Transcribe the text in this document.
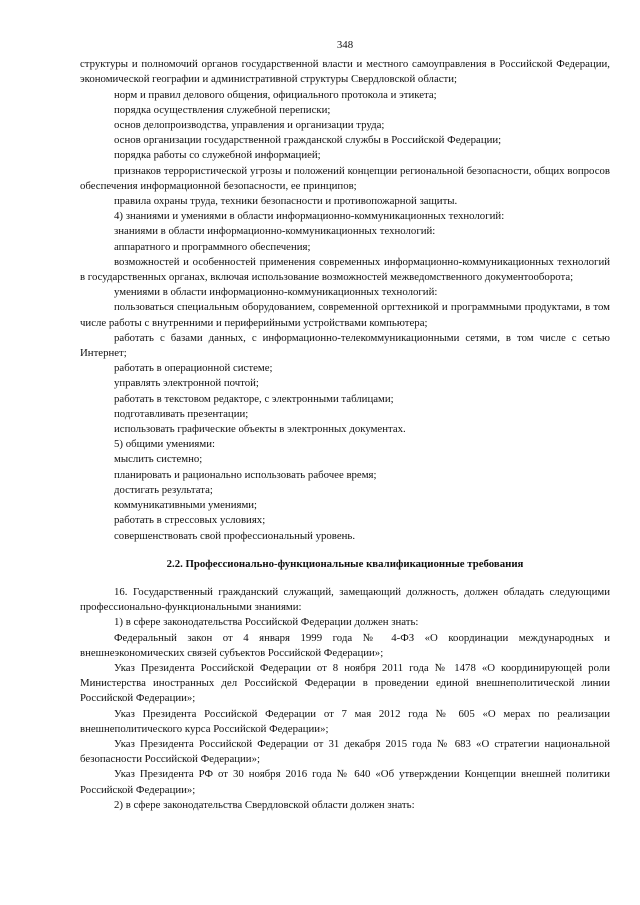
348

структуры и полномочий органов государственной власти и местного самоуправления в Российской Федерации, экономической географии и административной структуры Свердловской области;

норм и правил делового общения, официального протокола и этикета;

порядка осуществления служебной переписки;

основ делопроизводства, управления и организации труда;

основ организации государственной гражданской службы в Российской Федерации;

порядка работы со служебной информацией;

признаков террористической угрозы и положений концепции региональной безопасности, общих вопросов обеспечения информационной безопасности, ее принципов;

правила охраны труда, техники безопасности и противопожарной защиты.

4) знаниями и умениями в области информационно-коммуникационных технологий:

знаниями в области информационно-коммуникационных технологий:

аппаратного и программного обеспечения;

возможностей и особенностей применения современных информационно-коммуникационных технологий в государственных органах, включая использование возможностей межведомственного документооборота;

умениями в области информационно-коммуникационных технологий:

пользоваться специальным оборудованием, современной оргтехникой и программными продуктами, в том числе работы с внутренними и периферийными устройствами компьютера;

работать с базами данных, с информационно-телекоммуникационными сетями, в том числе с сетью Интернет;

работать в операционной системе;

управлять электронной почтой;

работать в текстовом редакторе, с электронными таблицами;

подготавливать презентации;

использовать графические объекты в электронных документах.

5) общими умениями:

мыслить системно;

планировать и рационально использовать рабочее время;

достигать результата;

коммуникативными умениями;

работать в стрессовых условиях;

совершенствовать свой профессиональный уровень.

2.2. Профессионально-функциональные квалификационные требования

16. Государственный гражданский служащий, замещающий должность, должен обладать следующими профессионально-функциональными знаниями:

1) в сфере законодательства Российской Федерации должен знать:

Федеральный закон от 4 января 1999 года № 4-ФЗ «О координации международных и внешнеэкономических связей субъектов Российской Федерации»;

Указ Президента Российской Федерации от 8 ноября 2011 года № 1478 «О координирующей роли Министерства иностранных дел Российской Федерации в проведении единой внешнеполитической линии Российской Федерации»;

Указ Президента Российской Федерации от 7 мая 2012 года № 605 «О мерах по реализации внешнеполитического курса Российской Федерации»;

Указ Президента Российской Федерации от 31 декабря 2015 года № 683 «О стратегии национальной безопасности Российской Федерации»;

Указ Президента РФ от 30 ноября 2016 года № 640 «Об утверждении Концепции внешней политики Российской Федерации»;

2) в сфере законодательства Свердловской области должен знать:
